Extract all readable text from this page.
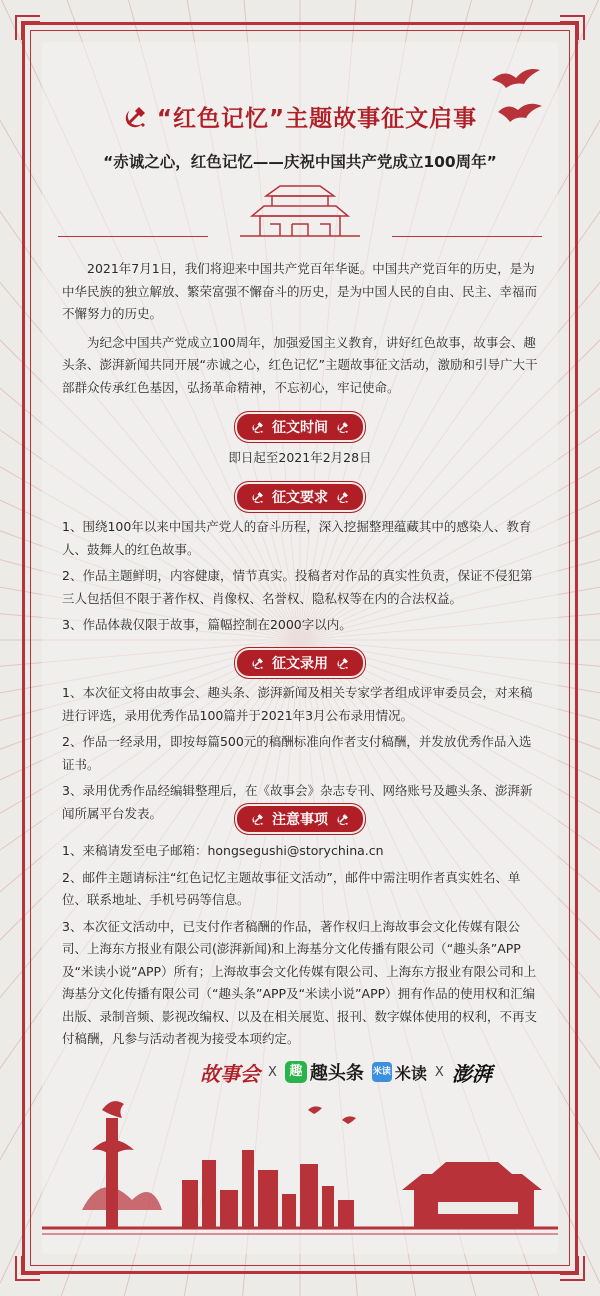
“红色记忆”主题故事征文启事
“赤诚之心，红色记忆——庆祝中国共产党成立100周年”

2021年7月1日，我们将迎来中国共产党百年华诞。中国共产党百年的历史，是为中华民族的独立解放、繁荣富强不懈奋斗的历史，是为中国人民的自由、民主、幸福而不懈努力的历史。

为纪念中国共产党成立100周年，加强爱国主义教育，讲好红色故事，故事会、趣头条、澎湃新闻共同开展“赤诚之心，红色记忆”主题故事征文活动，激励和引导广大干部群众传承红色基因，弘扬革命精神，不忘初心，牢记使命。

征文时间
即日起至2021年2月28日
征文要求

1、围绕100年以来中国共产党人的奋斗历程，深入挖掘整理蕴藏其中的感染人、教育人、鼓舞人的红色故事。

2、作品主题鲜明，内容健康，情节真实。投稿者对作品的真实性负责，保证不侵犯第三人包括但不限于著作权、肖像权、名誉权、隐私权等在内的合法权益。

3、作品体裁仅限于故事，篇幅控制在2000字以内。

征文录用

1、本次征文将由故事会、趣头条、澎湃新闻及相关专家学者组成评审委员会，对来稿进行评选，录用优秀作品100篇并于2021年3月公布录用情况。

2、作品一经录用，即按每篇500元的稿酬标准向作者支付稿酬，并发放优秀作品入选证书。

3、录用优秀作品经编辑整理后，在《故事会》杂志专刊、网络账号及趣头条、澎湃新闻所属平台发表。	注意事项

1、来稿请发至电子邮箱：hongsegushi@storychina.cn

2、邮件主题请标注“红色记忆主题故事征文活动”，邮件中需注明作者真实姓名、单位、联系地址、手机号码等信息。

3、本次征文活动中，已支付作者稿酬的作品，著作权归上海故事会文化传媒有限公司、上海东方报业有限公司(澎湃新闻)和上海基分文化传播有限公司（“趣头条”APP及“米读小说”APP）所有；上海故事会文化传媒有限公司、上海东方报业有限公司和上海基分文化传播有限公司（“趣头条”APP及“米读小说”APP）拥有作品的使用权和汇编出版、录制音频、影视改编权、以及在相关展览、报刊、数字媒体使用的权利，不再支付稿酬，凡参与活动者视为接受本项约定。

故事会 X 趣 趣头条 米读 米读 X 澎湃
